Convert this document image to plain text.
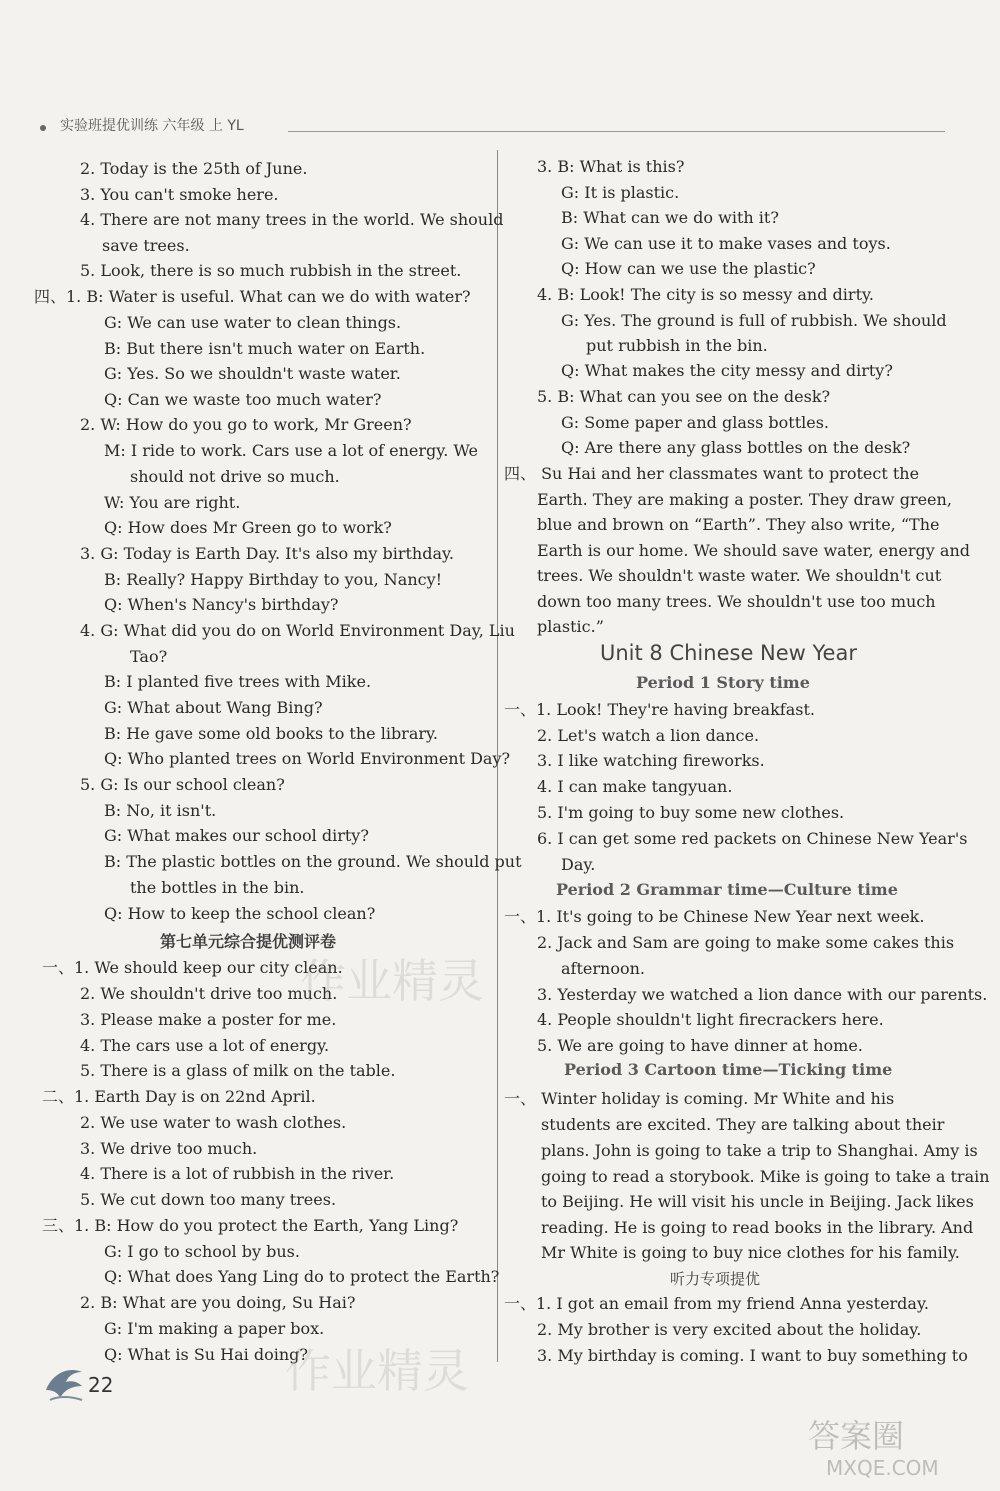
实验班提优训练 六年级 上 YL
2. Today is the 25th of June.
3. You can't smoke here.
4. There are not many trees in the world. We should
save trees.
5. Look, there is so much rubbish in the street.
四、1. B: Water is useful. What can we do with water?
G: We can use water to clean things.
B: But there isn't much water on Earth.
G: Yes. So we shouldn't waste water.
Q: Can we waste too much water?
2. W: How do you go to work, Mr Green?
M: I ride to work. Cars use a lot of energy. We
should not drive so much.
W: You are right.
Q: How does Mr Green go to work?
3. G: Today is Earth Day. It's also my birthday.
B: Really? Happy Birthday to you, Nancy!
Q: When's Nancy's birthday?
4. G: What did you do on World Environment Day, Liu
Tao?
B: I planted five trees with Mike.
G: What about Wang Bing?
B: He gave some old books to the library.
Q: Who planted trees on World Environment Day?
5. G: Is our school clean?
B: No, it isn't.
G: What makes our school dirty?
B: The plastic bottles on the ground. We should put
the bottles in the bin.
Q: How to keep the school clean?
第七单元综合提优测评卷
一、1. We should keep our city clean.
2. We shouldn't drive too much.
3. Please make a poster for me.
4. The cars use a lot of energy.
5. There is a glass of milk on the table.
二、1. Earth Day is on 22nd April.
2. We use water to wash clothes.
3. We drive too much.
4. There is a lot of rubbish in the river.
5. We cut down too many trees.
三、1. B: How do you protect the Earth, Yang Ling?
G: I go to school by bus.
Q: What does Yang Ling do to protect the Earth?
2. B: What are you doing, Su Hai?
G: I'm making a paper box.
Q: What is Su Hai doing?
3. B: What is this?
G: It is plastic.
B: What can we do with it?
G: We can use it to make vases and toys.
Q: How can we use the plastic?
4. B: Look! The city is so messy and dirty.
G: Yes. The ground is full of rubbish. We should
put rubbish in the bin.
Q: What makes the city messy and dirty?
5. B: What can you see on the desk?
G: Some paper and glass bottles.
Q: Are there any glass bottles on the desk?
四、 Su Hai and her classmates want to protect the
Earth. They are making a poster. They draw green,
blue and brown on “Earth”. They also write, “The
Earth is our home. We should save water, energy and
trees. We shouldn't waste water. We shouldn't cut
down too many trees. We shouldn't use too much
plastic.”
Unit 8 Chinese New Year
Period 1 Story time
一、1. Look! They're having breakfast.
2. Let's watch a lion dance.
3. I like watching fireworks.
4. I can make tangyuan.
5. I'm going to buy some new clothes.
6. I can get some red packets on Chinese New Year's
Day.
Period 2 Grammar time—Culture time
一、1. It's going to be Chinese New Year next week.
2. Jack and Sam are going to make some cakes this
afternoon.
3. Yesterday we watched a lion dance with our parents.
4. People shouldn't light firecrackers here.
5. We are going to have dinner at home.
Period 3 Cartoon time—Ticking time
一、 Winter holiday is coming. Mr White and his
students are excited. They are talking about their
plans. John is going to take a trip to Shanghai. Amy is
going to read a storybook. Mike is going to take a train
to Beijing. He will visit his uncle in Beijing. Jack likes
reading. He is going to read books in the library. And
Mr White is going to buy nice clothes for his family.
听力专项提优
一、1. I got an email from my friend Anna yesterday.
2. My brother is very excited about the holiday.
3. My birthday is coming. I want to buy something to
作业精灵
作业精灵
22
答案圈
MXQE.COM
